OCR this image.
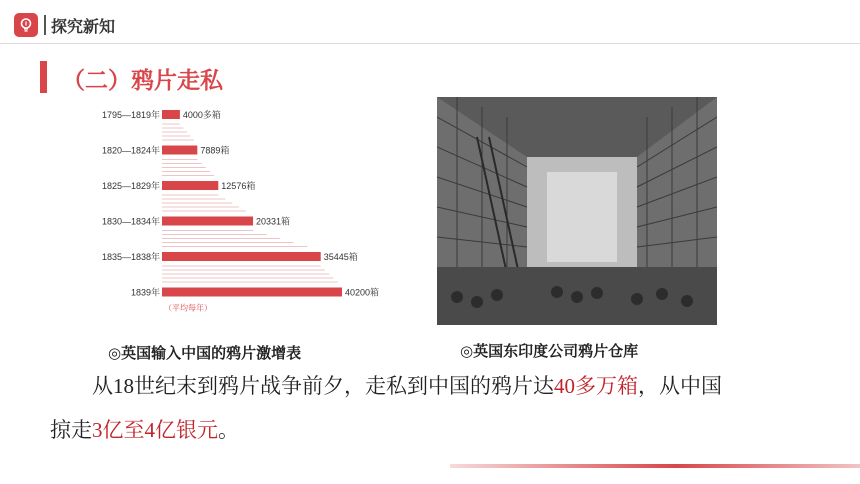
探究新知
（二）鸦片走私
1795—1819年	4000多箱
1820—1824年	7889箱
1825—1829年	12576箱
1830—1834年	20331箱
1835—1838年	35445箱
1839年	40200箱
（平均每年）
◎英国输入中国的鸦片激增表	◎英国东印度公司鸦片仓库
从18世纪末到鸦片战争前夕，走私到中国的鸦片达40多万箱，从中国
掠走3亿至4亿银元。
